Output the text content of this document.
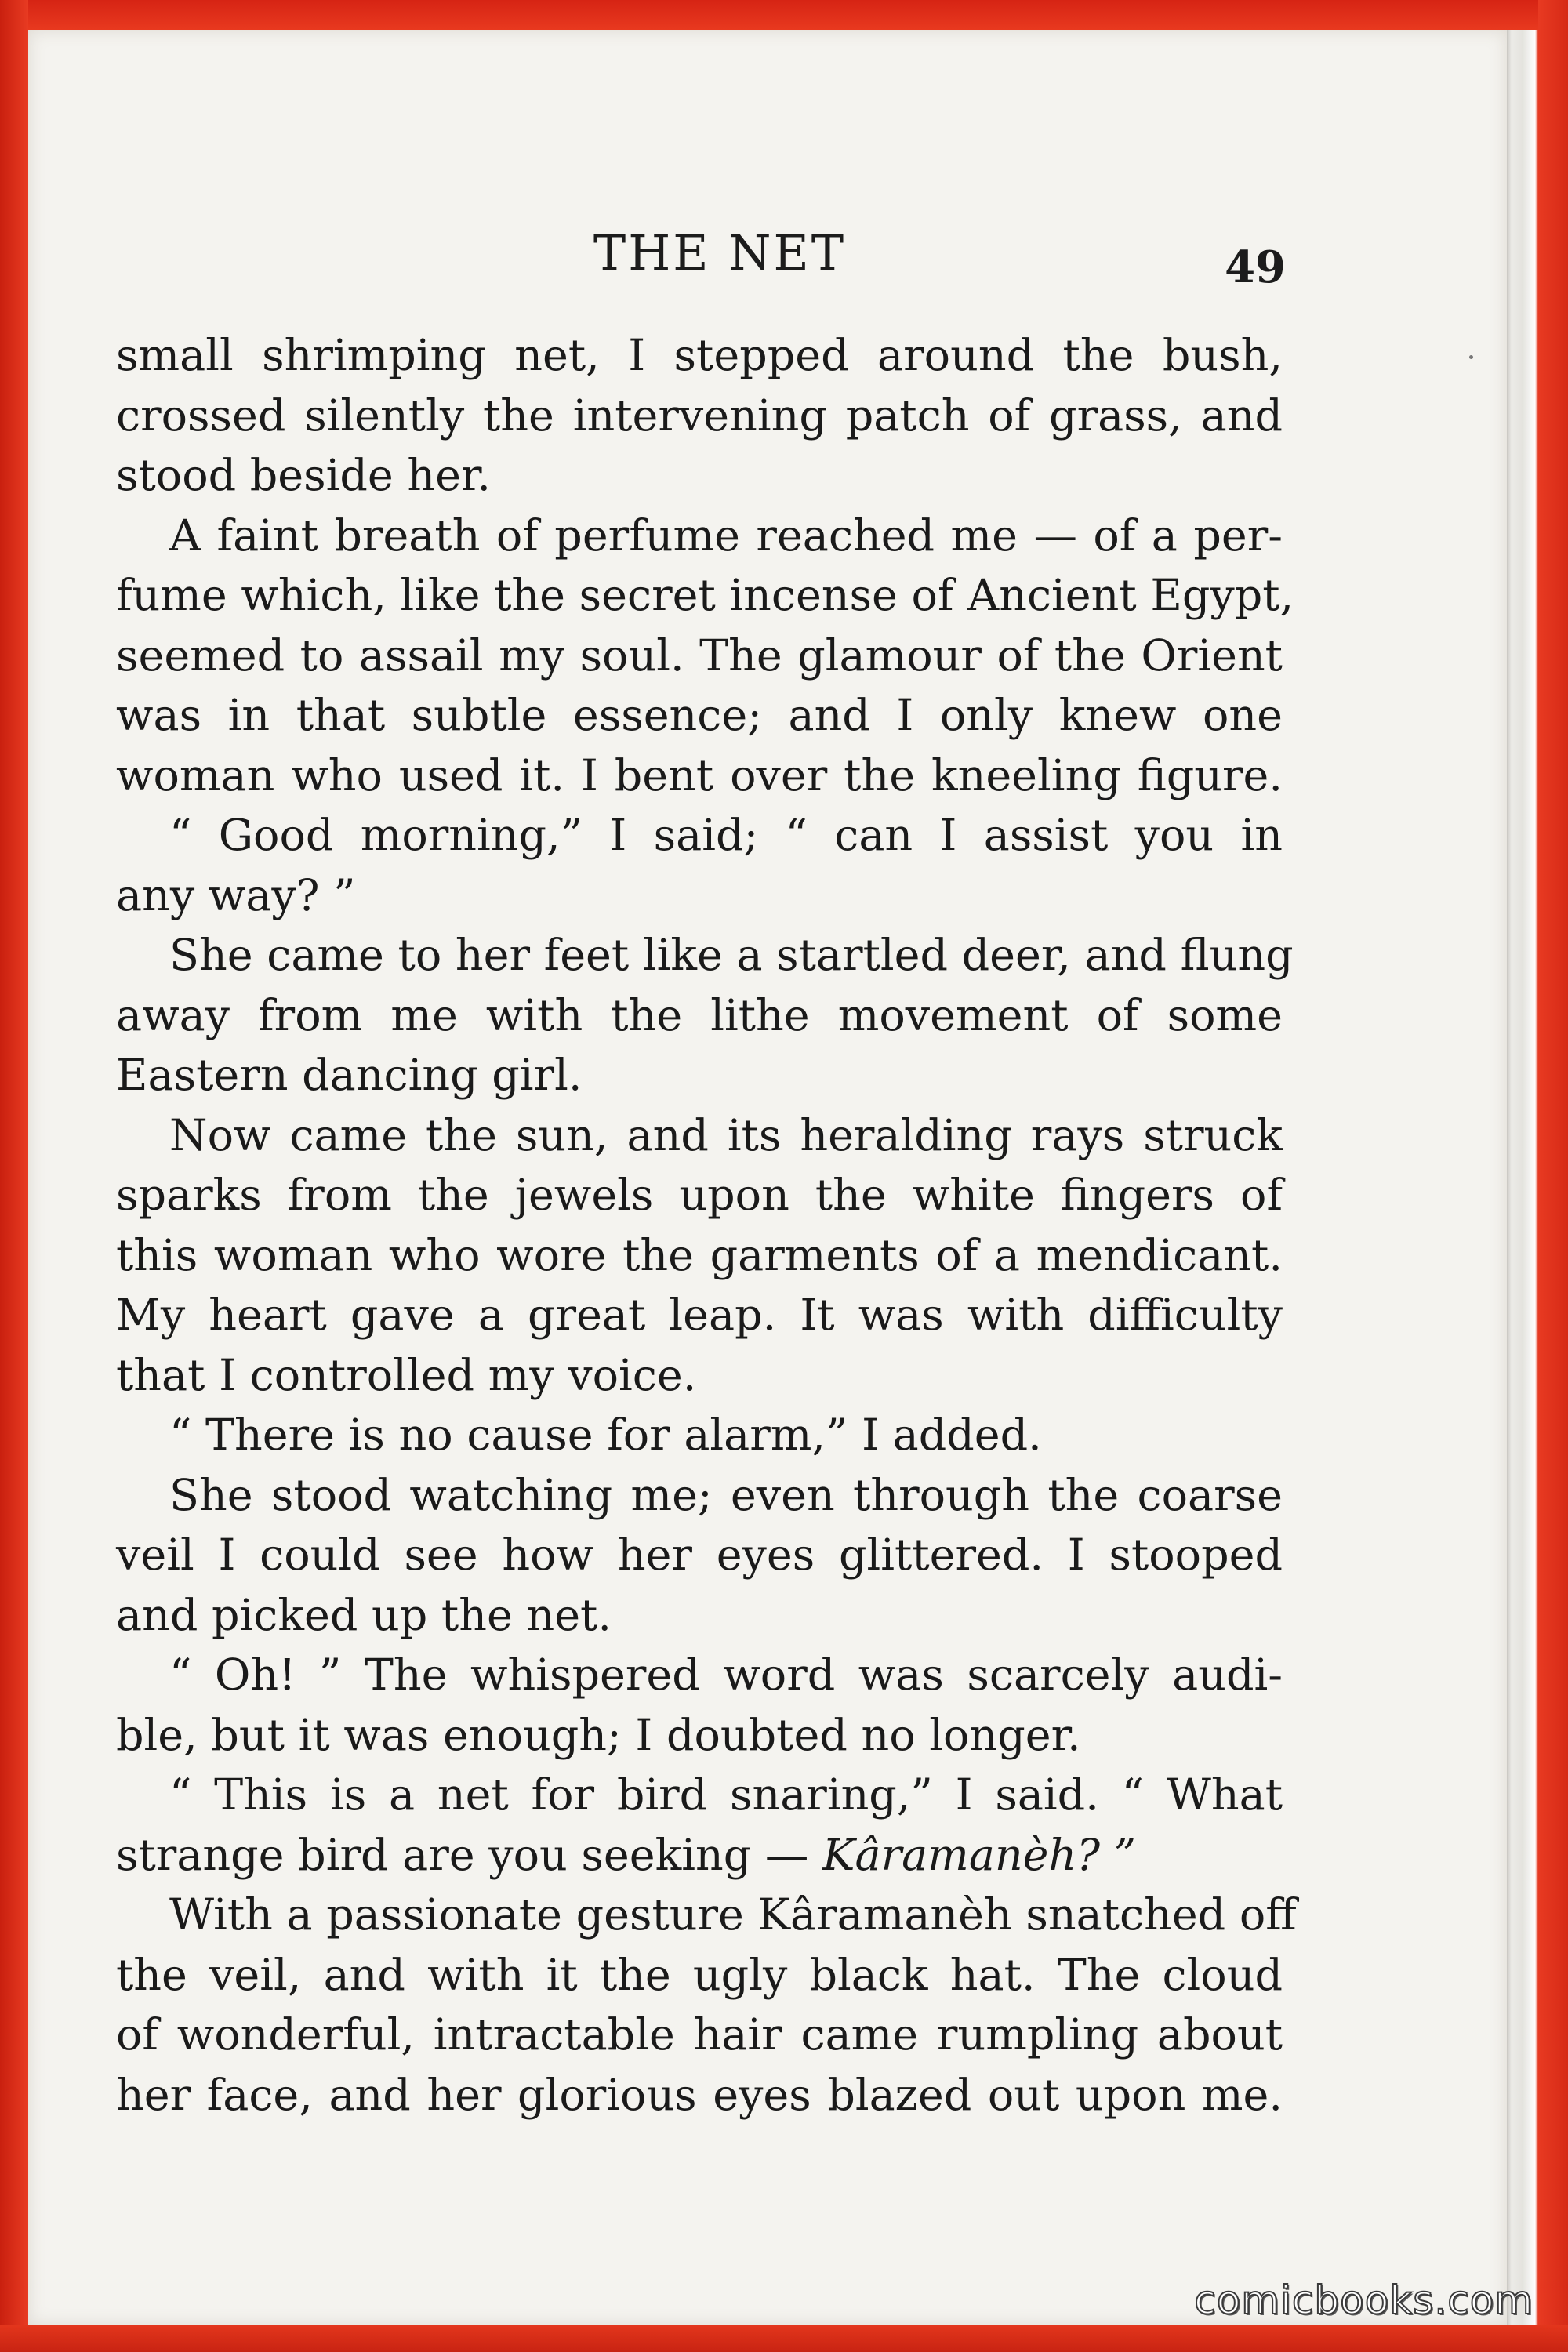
THE NET	49
small shrimping net, I stepped around the bush,
crossed silently the intervening patch of grass, and
stood beside her.
A faint breath of perfume reached me — of a per-
fume which, like the secret incense of Ancient Egypt,
seemed to assail my soul. The glamour of the Orient
was in that subtle essence; and I only knew one
woman who used it. I bent over the kneeling figure.
“ Good morning,” I said; “ can I assist you in
any way? ”
She came to her feet like a startled deer, and flung
away from me with the lithe movement of some
Eastern dancing girl.
Now came the sun, and its heralding rays struck
sparks from the jewels upon the white fingers of
this woman who wore the garments of a mendicant.
My heart gave a great leap. It was with difficulty
that I controlled my voice.
“ There is no cause for alarm,” I added.
She stood watching me; even through the coarse
veil I could see how her eyes glittered. I stooped
and picked up the net.
“ Oh! ” The whispered word was scarcely audi-
ble, but it was enough; I doubted no longer.
“ This is a net for bird snaring,” I said. “ What
strange bird are you seeking — Kâramanèh? ”
With a passionate gesture Kâramanèh snatched off
the veil, and with it the ugly black hat. The cloud
of wonderful, intractable hair came rumpling about
her face, and her glorious eyes blazed out upon me.
comicbooks.com
